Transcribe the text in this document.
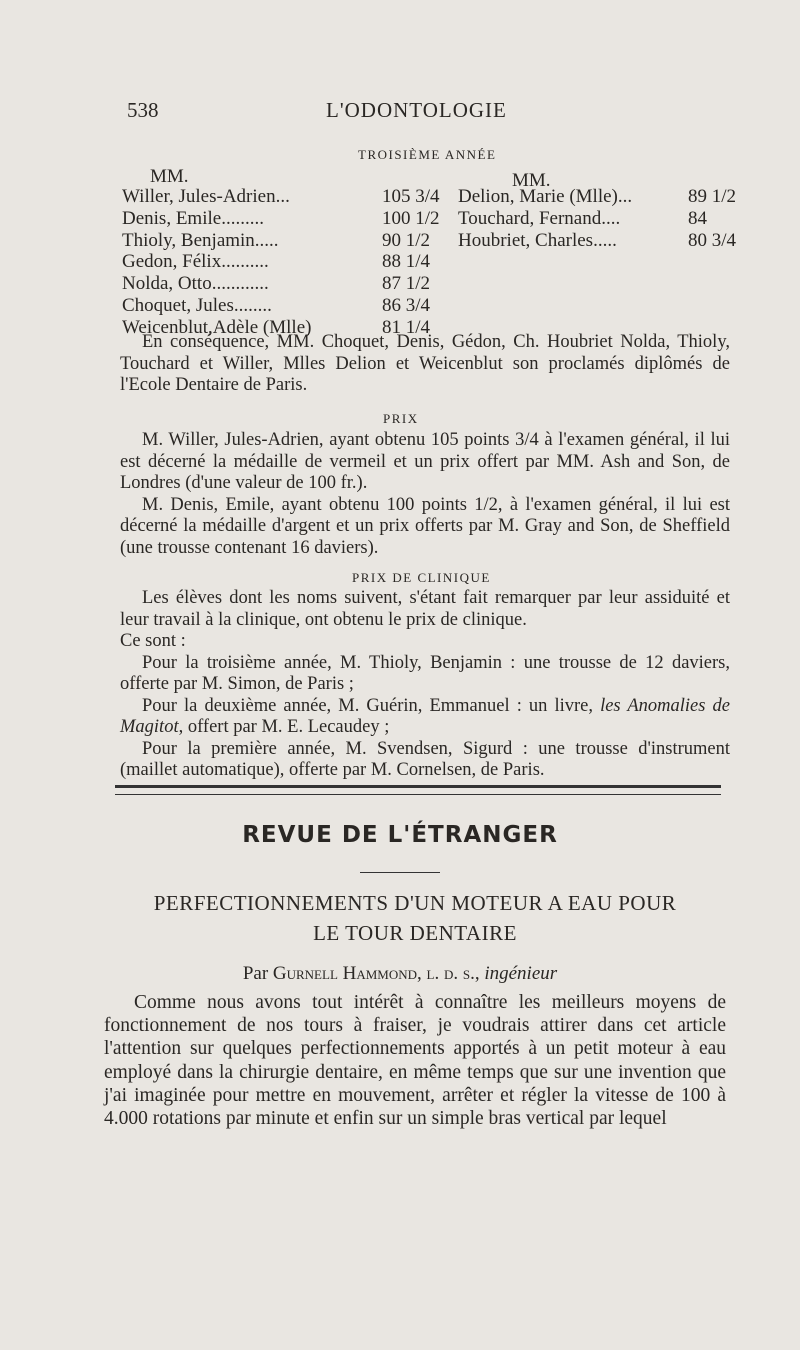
538	L'ODONTOLOGIE
TROISIÈME ANNÉE
MM.	MM.
Willer, Jules-Adrien...	105 3/4
Denis, Emile.........	100 1/2
Thioly, Benjamin.....	90 1/2
Gedon, Félix..........	88 1/4
Nolda, Otto............	87 1/2
Choquet, Jules........	86 3/4
Weicenblut,Adèle (Mlle)	81 1/4
Delion, Marie (Mlle)...	89 1/2
Touchard, Fernand....	84
Houbriet, Charles.....	80 3/4
En conséquence, MM. Choquet, Denis, Gédon, Ch. Houbriet Nolda, Thioly, Touchard et Willer, Mlles Delion et Weicenblut son proclamés diplômés de l'Ecole Dentaire de Paris.
PRIX

M. Willer, Jules-Adrien, ayant obtenu 105 points 3/4 à l'examen général, il lui est décerné la médaille de vermeil et un prix offert par MM. Ash and Son, de Londres (d'une valeur de 100 fr.).

M. Denis, Emile, ayant obtenu 100 points 1/2, à l'examen général, il lui est décerné la médaille d'argent et un prix offerts par M. Gray and Son, de Sheffield (une trousse contenant 16 daviers).

PRIX DE CLINIQUE

Les élèves dont les noms suivent, s'étant fait remarquer par leur assiduité et leur travail à la clinique, ont obtenu le prix de clinique.

Ce sont :

Pour la troisième année, M. Thioly, Benjamin : une trousse de 12 daviers, offerte par M. Simon, de Paris ;

Pour la deuxième année, M. Guérin, Emmanuel : un livre, les Anomalies de Magitot, offert par M. E. Lecaudey ;

Pour la première année, M. Svendsen, Sigurd : une trousse d'instrument (maillet automatique), offerte par M. Cornelsen, de Paris.

REVUE DE L'ÉTRANGER
PERFECTIONNEMENTS D'UN MOTEUR A EAU POUR
LE TOUR DENTAIRE
Par Gurnell Hammond, l. d. s., ingénieur
Comme nous avons tout intérêt à connaître les meilleurs moyens de fonctionnement de nos tours à fraiser, je voudrais attirer dans cet article l'attention sur quelques perfectionnements apportés à un petit moteur à eau employé dans la chirurgie dentaire, en même temps que sur une invention que j'ai imaginée pour mettre en mouvement, arrêter et régler la vitesse de 100 à 4.000 rotations par minute et enfin sur un simple bras vertical par lequel
